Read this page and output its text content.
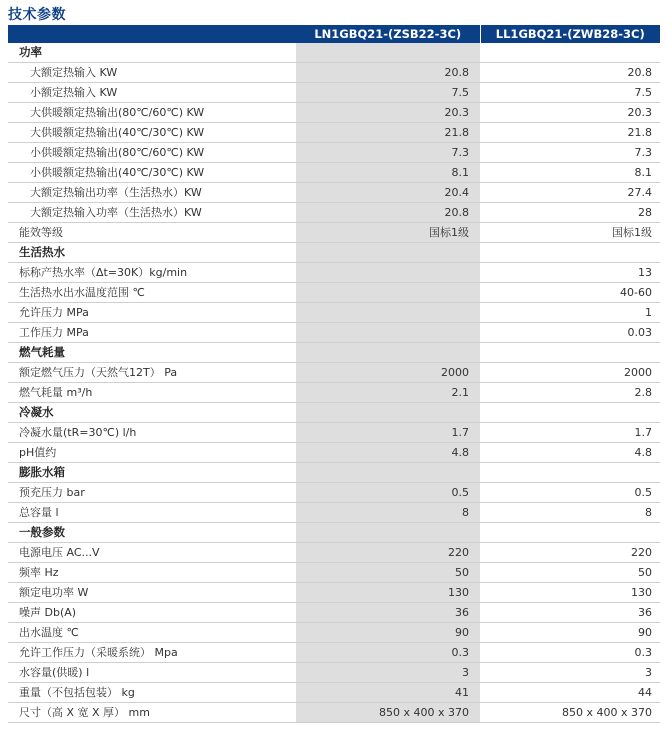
技术参数
	LN1GBQ21-(ZSB22-3C)	LL1GBQ21-(ZWB28-3C)
功率		
大额定热输入 KW	20.8	20.8
小额定热输入 KW	7.5	7.5
大供暖额定热输出(80℃/60℃) KW	20.3	20.3
大供暖额定热输出(40℃/30℃) KW	21.8	21.8
小供暖额定热输出(80℃/60℃) KW	7.3	7.3
小供暖额定热输出(40℃/30℃) KW	8.1	8.1
大额定热输出功率（生活热水）KW	20.4	27.4
大额定热输入功率（生活热水）KW	20.8	28
能效等级	国标1级	国标1级
生活热水		
标称产热水率（Δt=30K）kg/min		13
生活热水出水温度范围 ℃		40-60
允许压力 MPa		1
工作压力 MPa		0.03
燃气耗量		
额定燃气压力（天然气12T） Pa	2000	2000
燃气耗量 m³/h	2.1	2.8
冷凝水		
冷凝水量(tR=30℃) l/h	1.7	1.7
pH值约	4.8	4.8
膨胀水箱		
预充压力 bar	0.5	0.5
总容量 l	8	8
一般参数		
电源电压 AC...V	220	220
频率 Hz	50	50
额定电功率 W	130	130
噪声 Db(A)	36	36
出水温度 ℃	90	90
允许工作压力（采暖系统） Mpa	0.3	0.3
水容量(供暖) l	3	3
重量（不包括包装） kg	41	44
尺寸（高 X 宽 X 厚） mm	850 x 400 x 370	850 x 400 x 370
